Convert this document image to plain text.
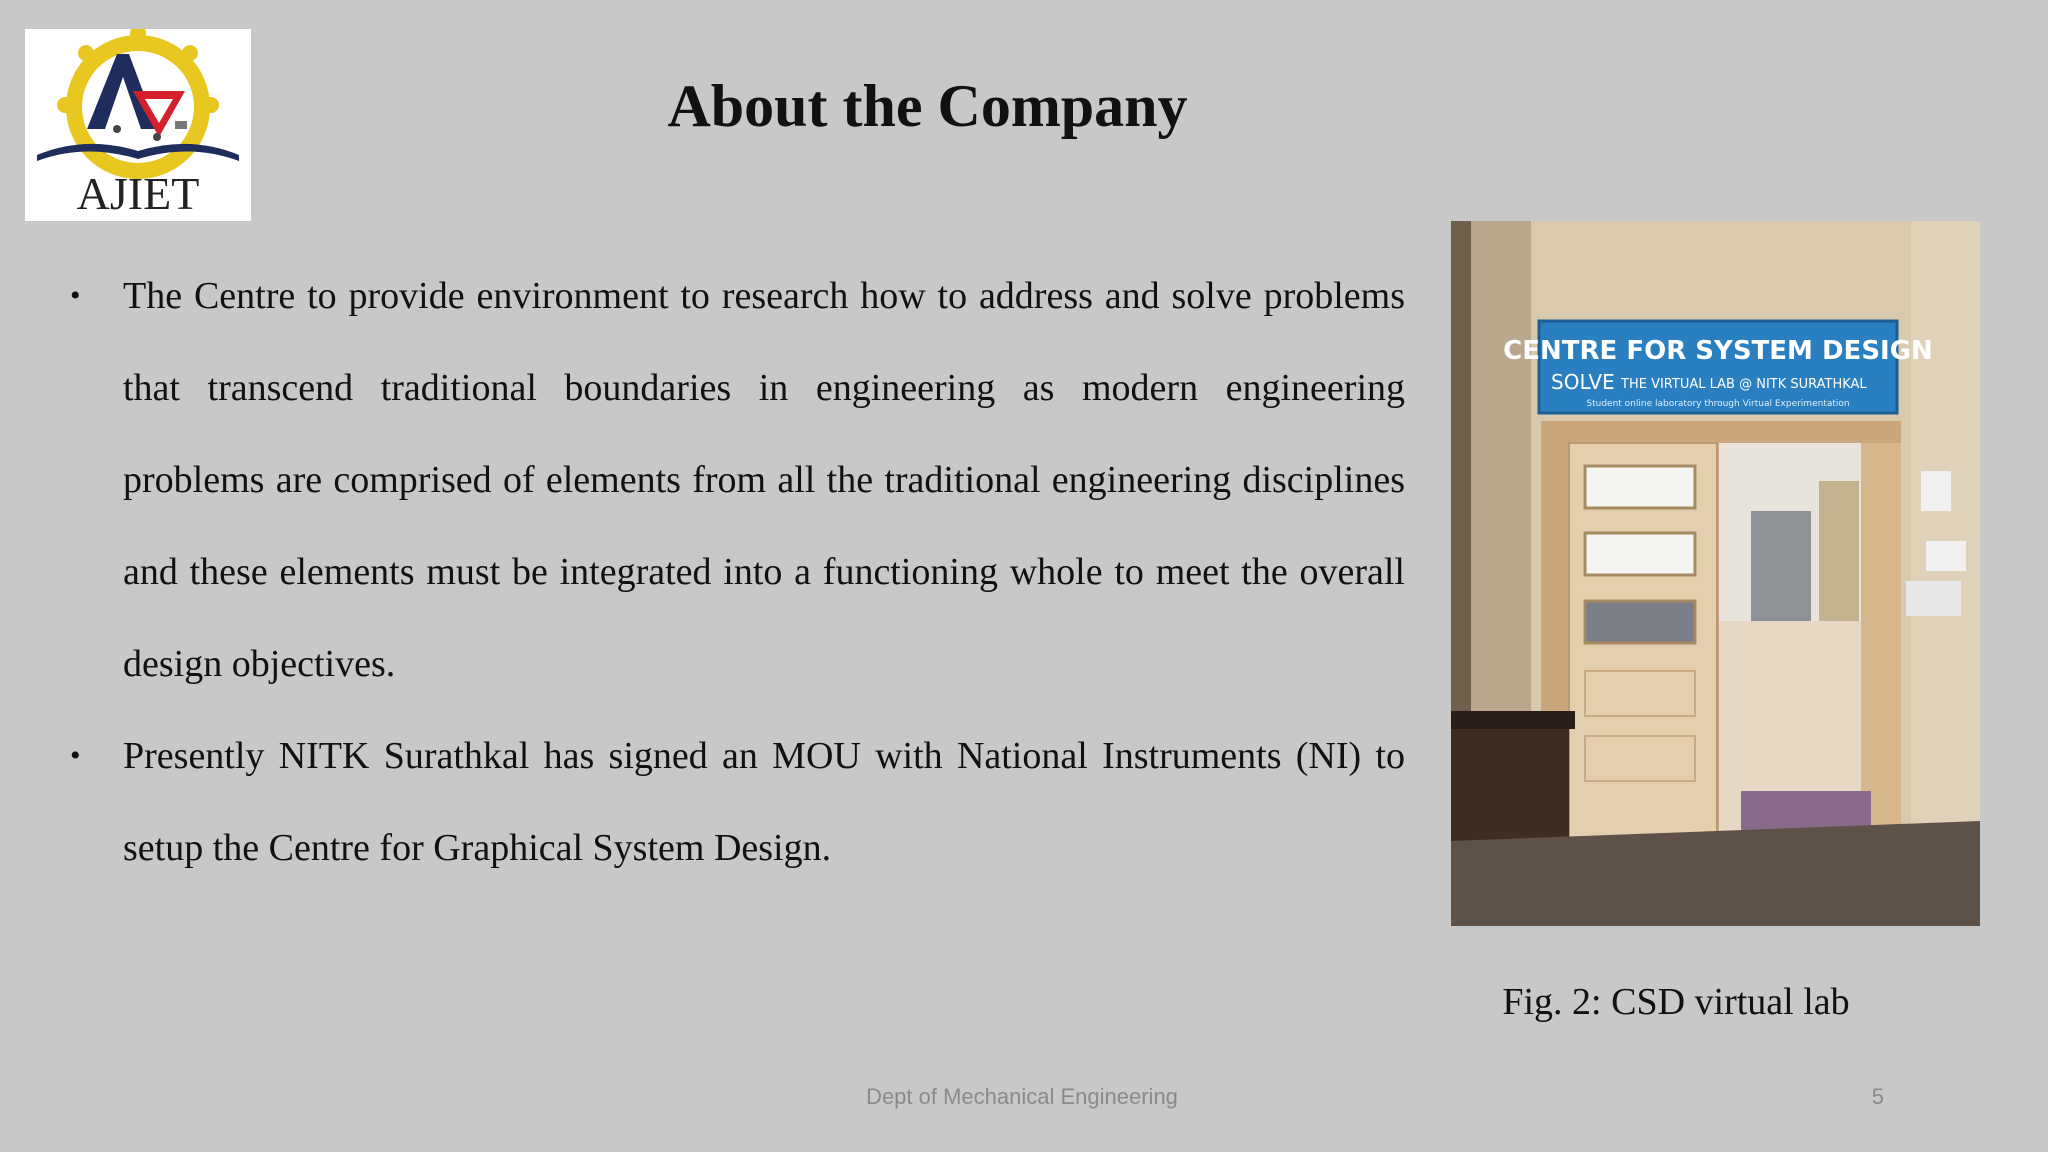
AJIET
About the Company
• The Centre to provide environment to research how to address and solve problems that transcend traditional boundaries in engineering as modern engineering problems are comprised of elements from all the traditional engineering disciplines and these elements must be integrated into a functioning whole to meet the overall design objectives.
• Presently NITK Surathkal has signed an MOU with National Instruments (NI) to setup the Centre for Graphical System Design.
CENTRE FOR SYSTEM DESIGN
SOLVE THE VIRTUAL LAB @ NITK SURATHKAL
Student online laboratory through Virtual Experimentation
Fig. 2: CSD virtual lab
Dept of Mechanical Engineering	5
